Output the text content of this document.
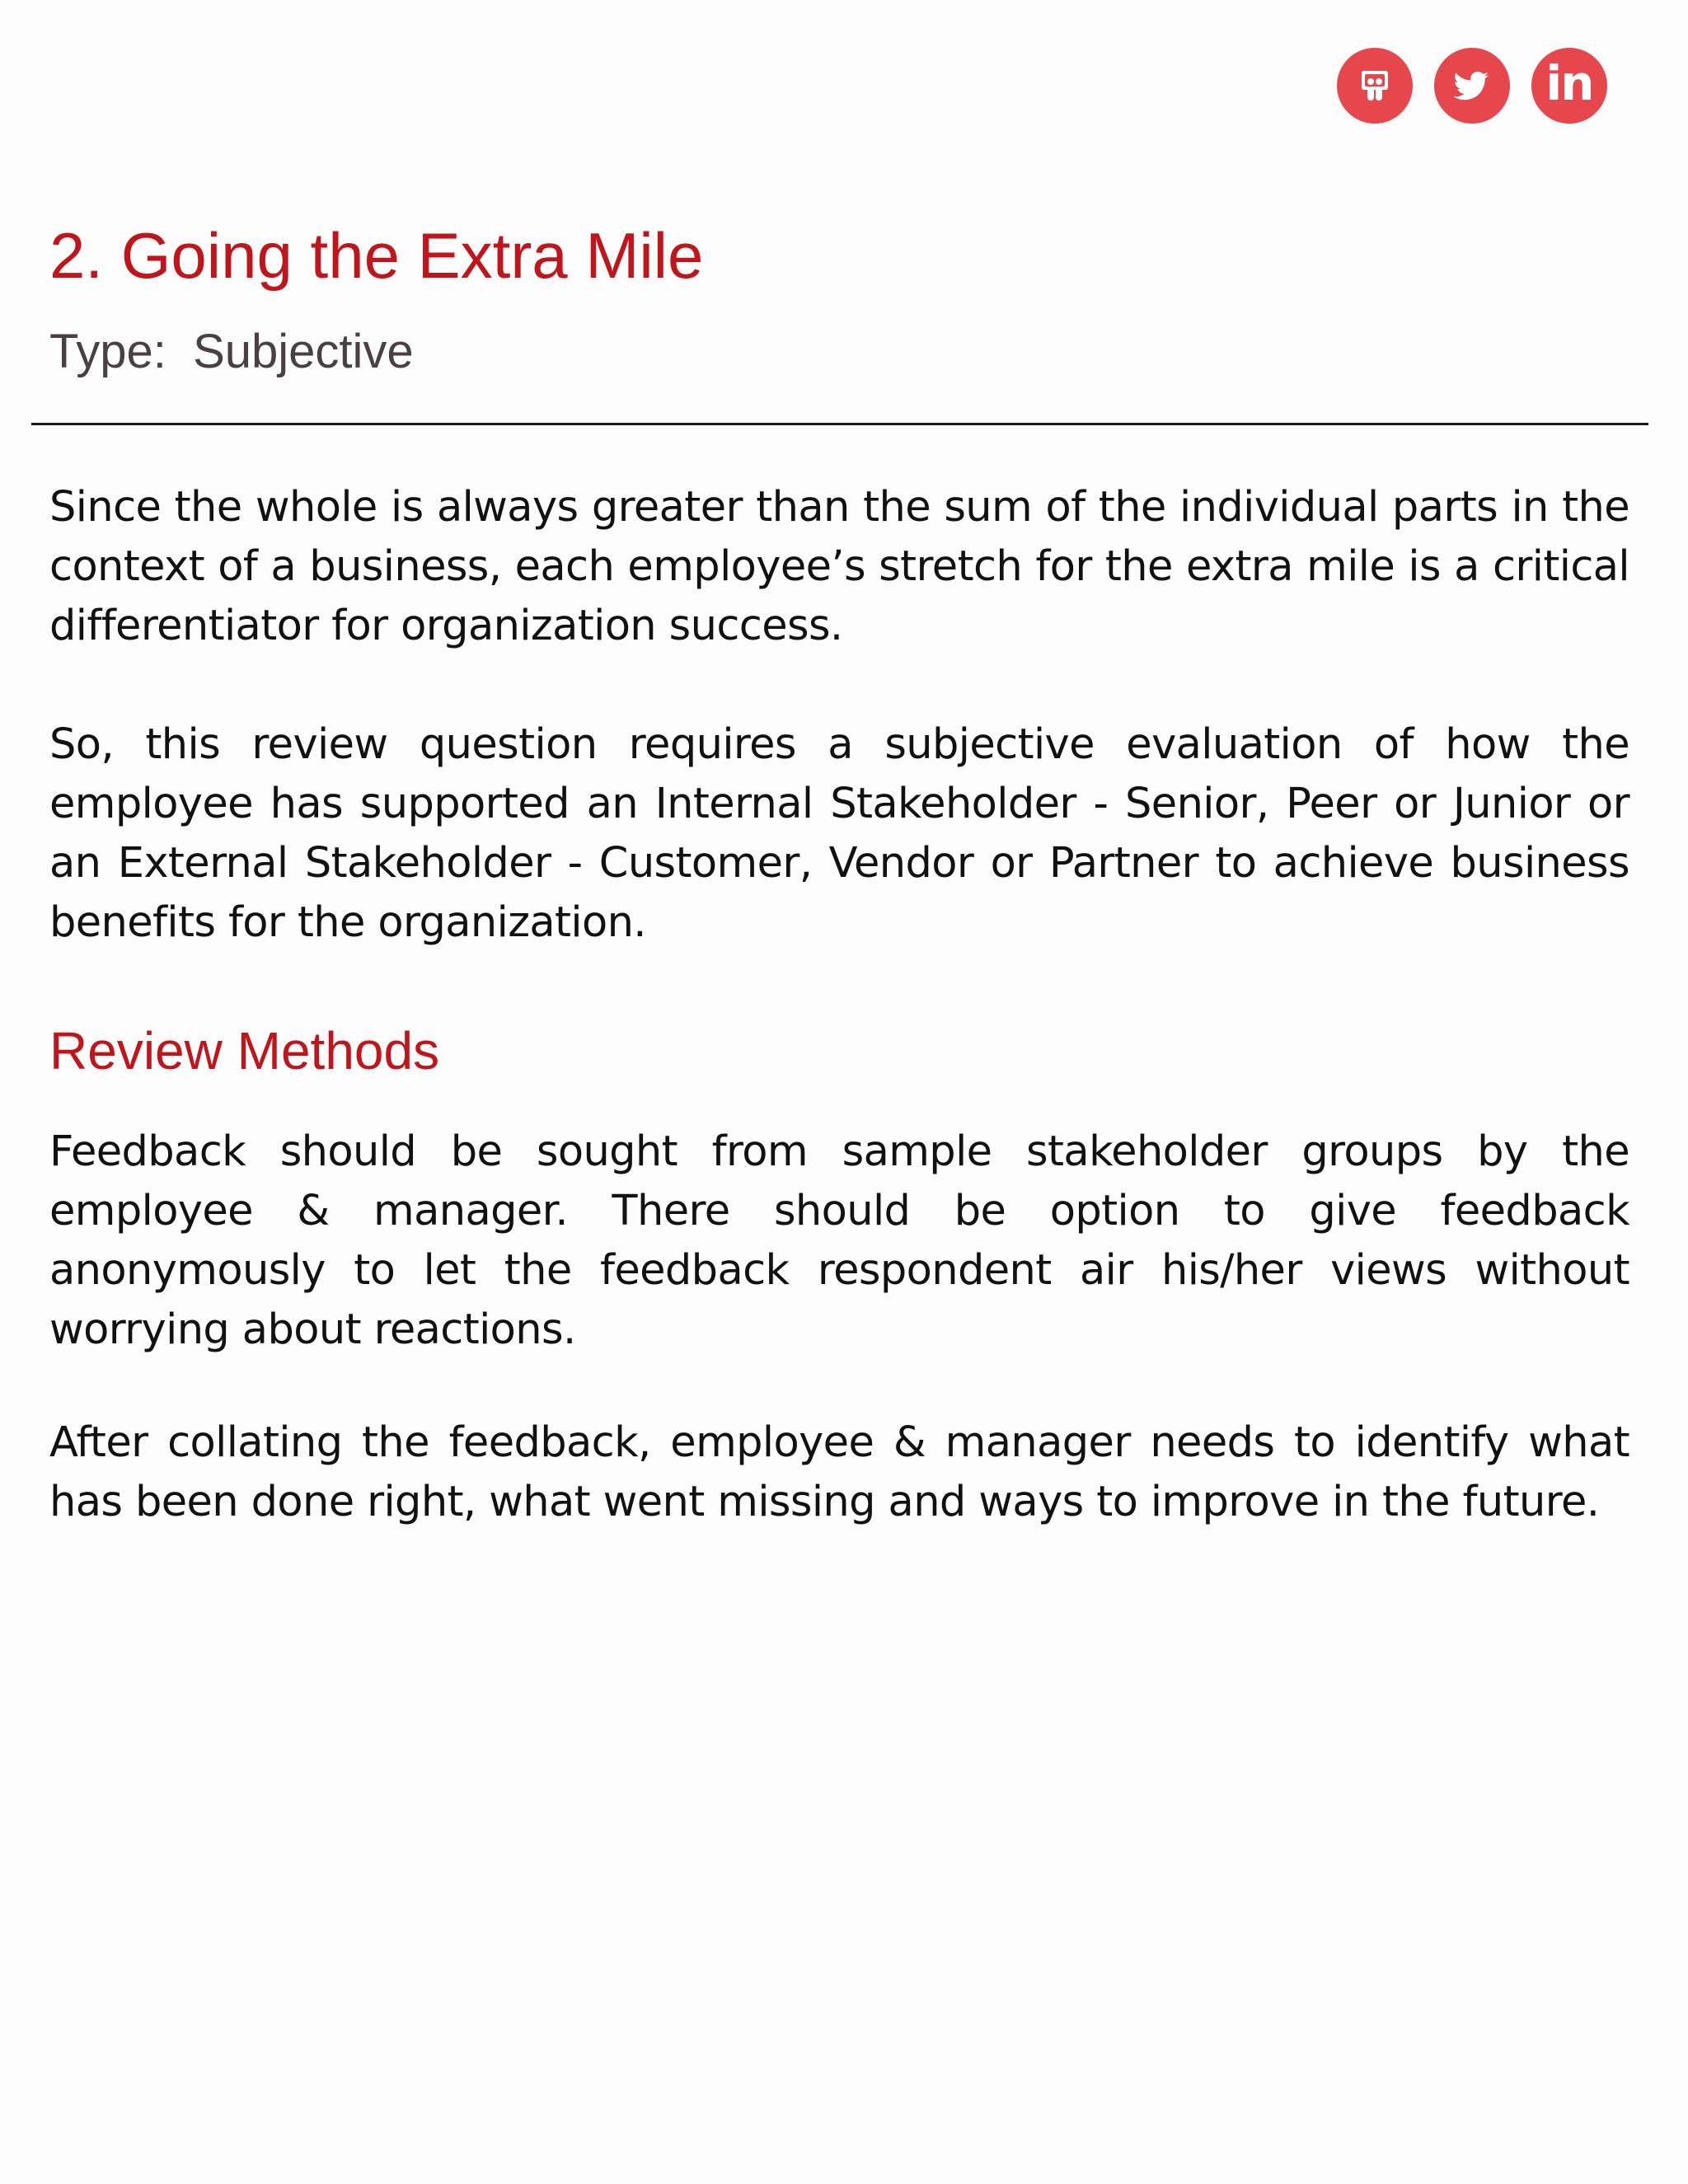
in
2. Going the Extra Mile
Type:  Subjective

Since the whole is always greater than the sum of the individual parts in the context of a business, each employee’s stretch for the extra mile is a critical differentiator for organization success.

So, this review question requires a subjective evaluation of how the employee has supported an Internal Stakeholder - Senior, Peer or Junior or an External Stakeholder - Customer, Vendor or Partner to achieve business benefits for the organization.

Review Methods

Feedback should be sought from sample stakeholder groups by the employee & manager. There should be option to give feedback anonymously to let the feedback respondent air his/her views without worrying about reactions.

After collating the feedback, employee & manager needs to identify what has been done right, what went missing and ways to improve in the future.
